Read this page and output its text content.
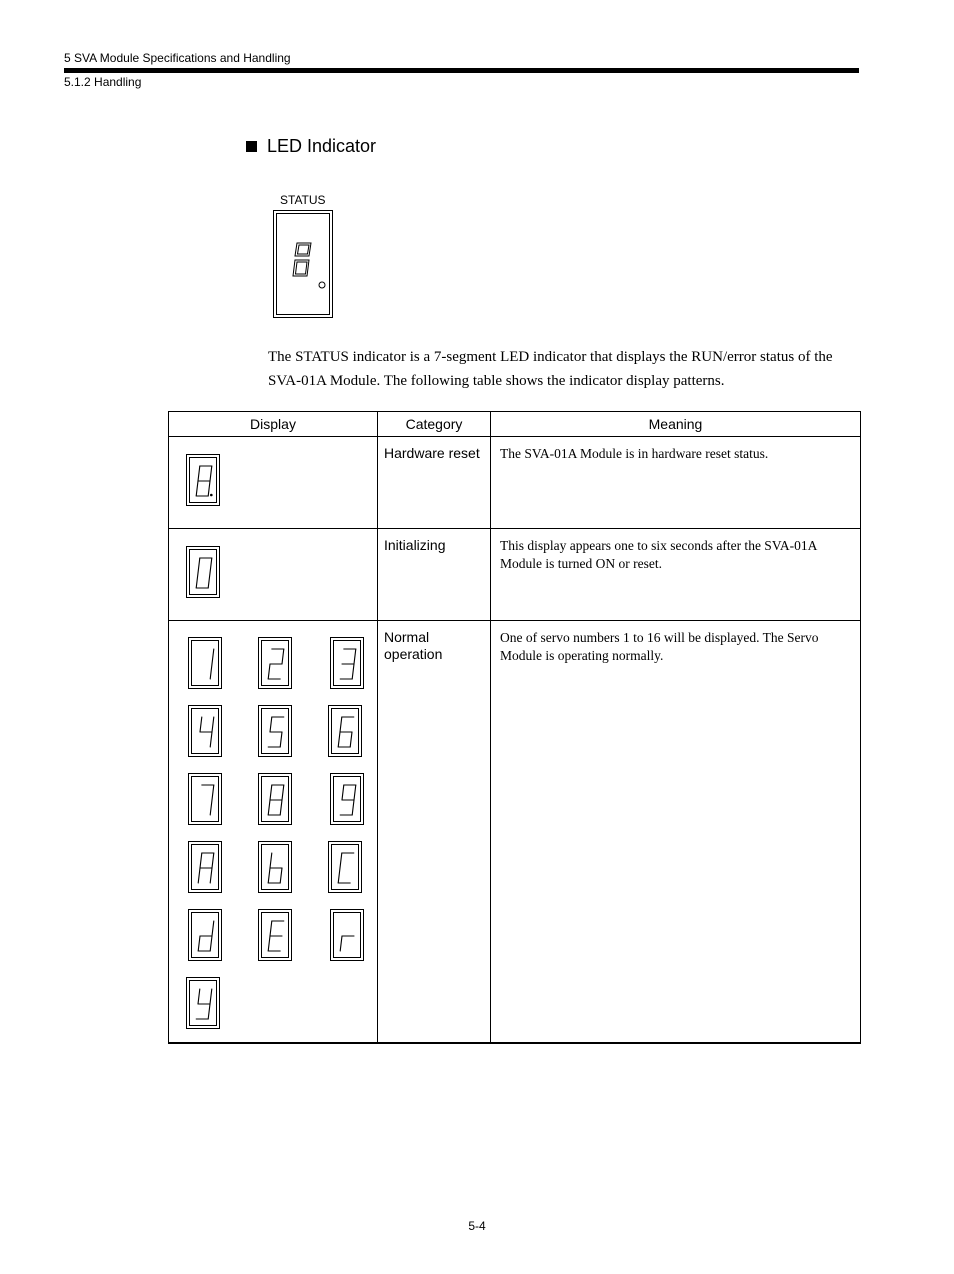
5 SVA Module Specifications and Handling
5.1.2 Handling
LED Indicator
STATUS
The STATUS indicator is a 7-segment LED indicator that displays the RUN/error status of the SVA-01A Module. The following table shows the indicator display patterns.
Display	Category	Meaning

	Hardware reset	The SVA-01A Module is in hardware reset status.

	Initializing	This display appears one to six seconds after the SVA-01A Module is turned ON or reset.

	Normal operation	One of servo numbers 1 to 16 will be displayed. The Servo Module is operating normally.
5-4
